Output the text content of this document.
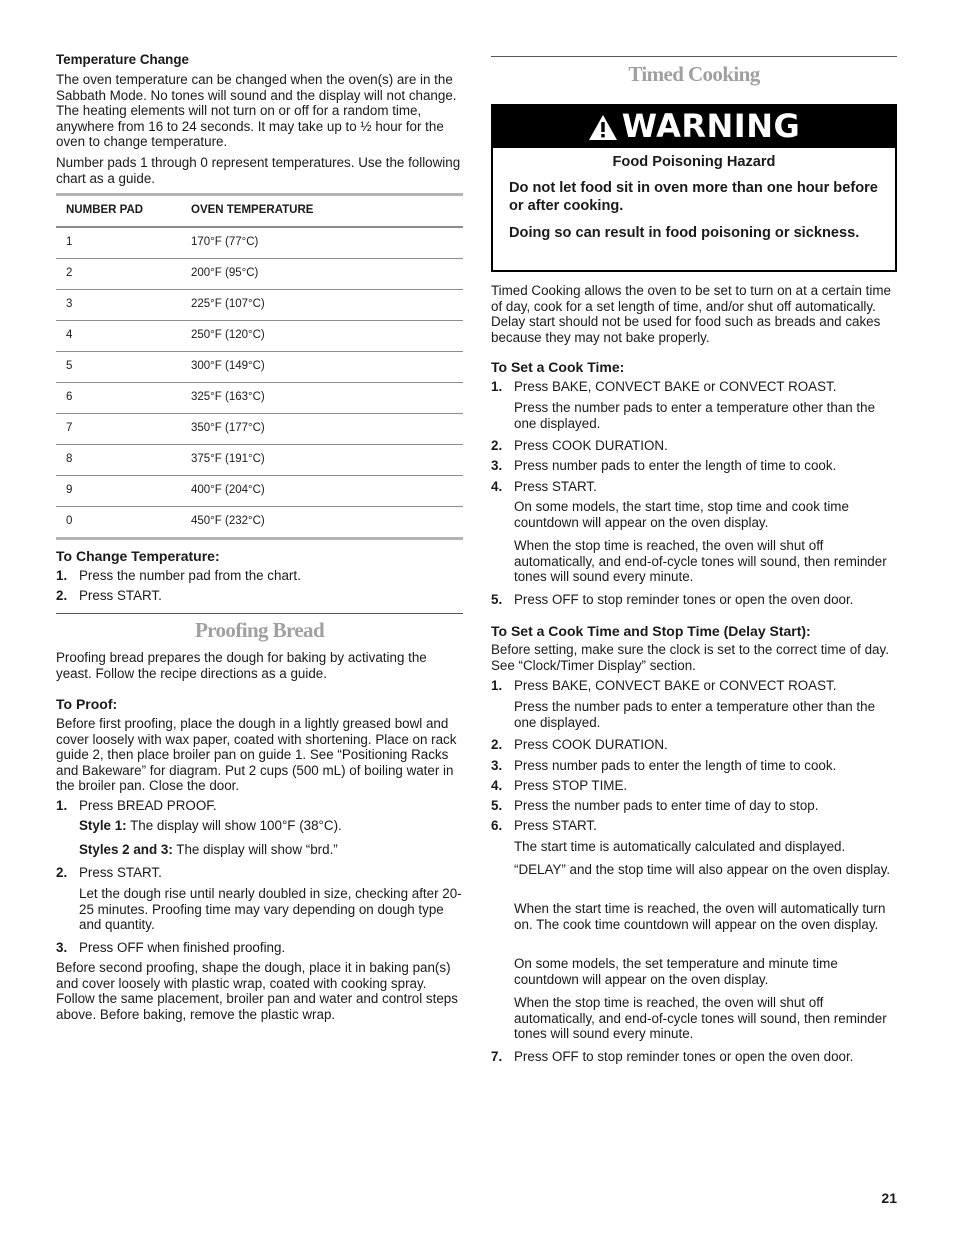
Temperature Change

The oven temperature can be changed when the oven(s) are in the Sabbath Mode. No tones will sound and the display will not change. The heating elements will not turn on or off for a random time, anywhere from 16 to 24 seconds. It may take up to ½ hour for the oven to change temperature.

Number pads 1 through 0 represent temperatures. Use the following chart as a guide.

NUMBER PAD	OVEN TEMPERATURE
1	170°F (77°C)
2	200°F (95°C)
3	225°F (107°C)
4	250°F (120°C)
5	300°F (149°C)
6	325°F (163°C)
7	350°F (177°C)
8	375°F (191°C)
9	400°F (204°C)
0	450°F (232°C)

To Change Temperature:

1. Press the number pad from the chart.
2. Press START.

Proofing Bread

Proofing bread prepares the dough for baking by activating the yeast. Follow the recipe directions as a guide.

To Proof:

Before first proofing, place the dough in a lightly greased bowl and cover loosely with wax paper, coated with shortening. Place on rack guide 2, then place broiler pan on guide 1. See “Positioning Racks and Bakeware” for diagram. Put 2 cups (500 mL) of boiling water in the broiler pan. Close the door.

1. Press BREAD PROOF.

Style 1: The display will show 100°F (38°C).

Styles 2 and 3: The display will show “brd.”

2. Press START.

Let the dough rise until nearly doubled in size, checking after 20-25 minutes. Proofing time may vary depending on dough type and quantity.

3. Press OFF when finished proofing.

Before second proofing, shape the dough, place it in baking pan(s) and cover loosely with plastic wrap, coated with cooking spray. Follow the same placement, broiler pan and water and control steps above. Before baking, remove the plastic wrap.

Timed Cooking

WARNING

Food Poisoning Hazard

Do not let food sit in oven more than one hour before or after cooking.

Doing so can result in food poisoning or sickness.

Timed Cooking allows the oven to be set to turn on at a certain time of day, cook for a set length of time, and/or shut off automatically. Delay start should not be used for food such as breads and cakes because they may not bake properly.

To Set a Cook Time:

1. Press BAKE, CONVECT BAKE or CONVECT ROAST.

Press the number pads to enter a temperature other than the one displayed.

2. Press COOK DURATION.
3. Press number pads to enter the length of time to cook.
4. Press START.

On some models, the start time, stop time and cook time countdown will appear on the oven display.

When the stop time is reached, the oven will shut off automatically, and end-of-cycle tones will sound, then reminder tones will sound every minute.

5. Press OFF to stop reminder tones or open the oven door.

To Set a Cook Time and Stop Time (Delay Start):

Before setting, make sure the clock is set to the correct time of day. See “Clock/Timer Display” section.

1. Press BAKE, CONVECT BAKE or CONVECT ROAST.

Press the number pads to enter a temperature other than the one displayed.

2. Press COOK DURATION.
3. Press number pads to enter the length of time to cook.
4. Press STOP TIME.
5. Press the number pads to enter time of day to stop.
6. Press START.

The start time is automatically calculated and displayed.

“DELAY” and the stop time will also appear on the oven display.

When the start time is reached, the oven will automatically turn on. The cook time countdown will appear on the oven display.

On some models, the set temperature and minute time countdown will appear on the oven display.

When the stop time is reached, the oven will shut off automatically, and end-of-cycle tones will sound, then reminder tones will sound every minute.

7. Press OFF to stop reminder tones or open the oven door.
21
